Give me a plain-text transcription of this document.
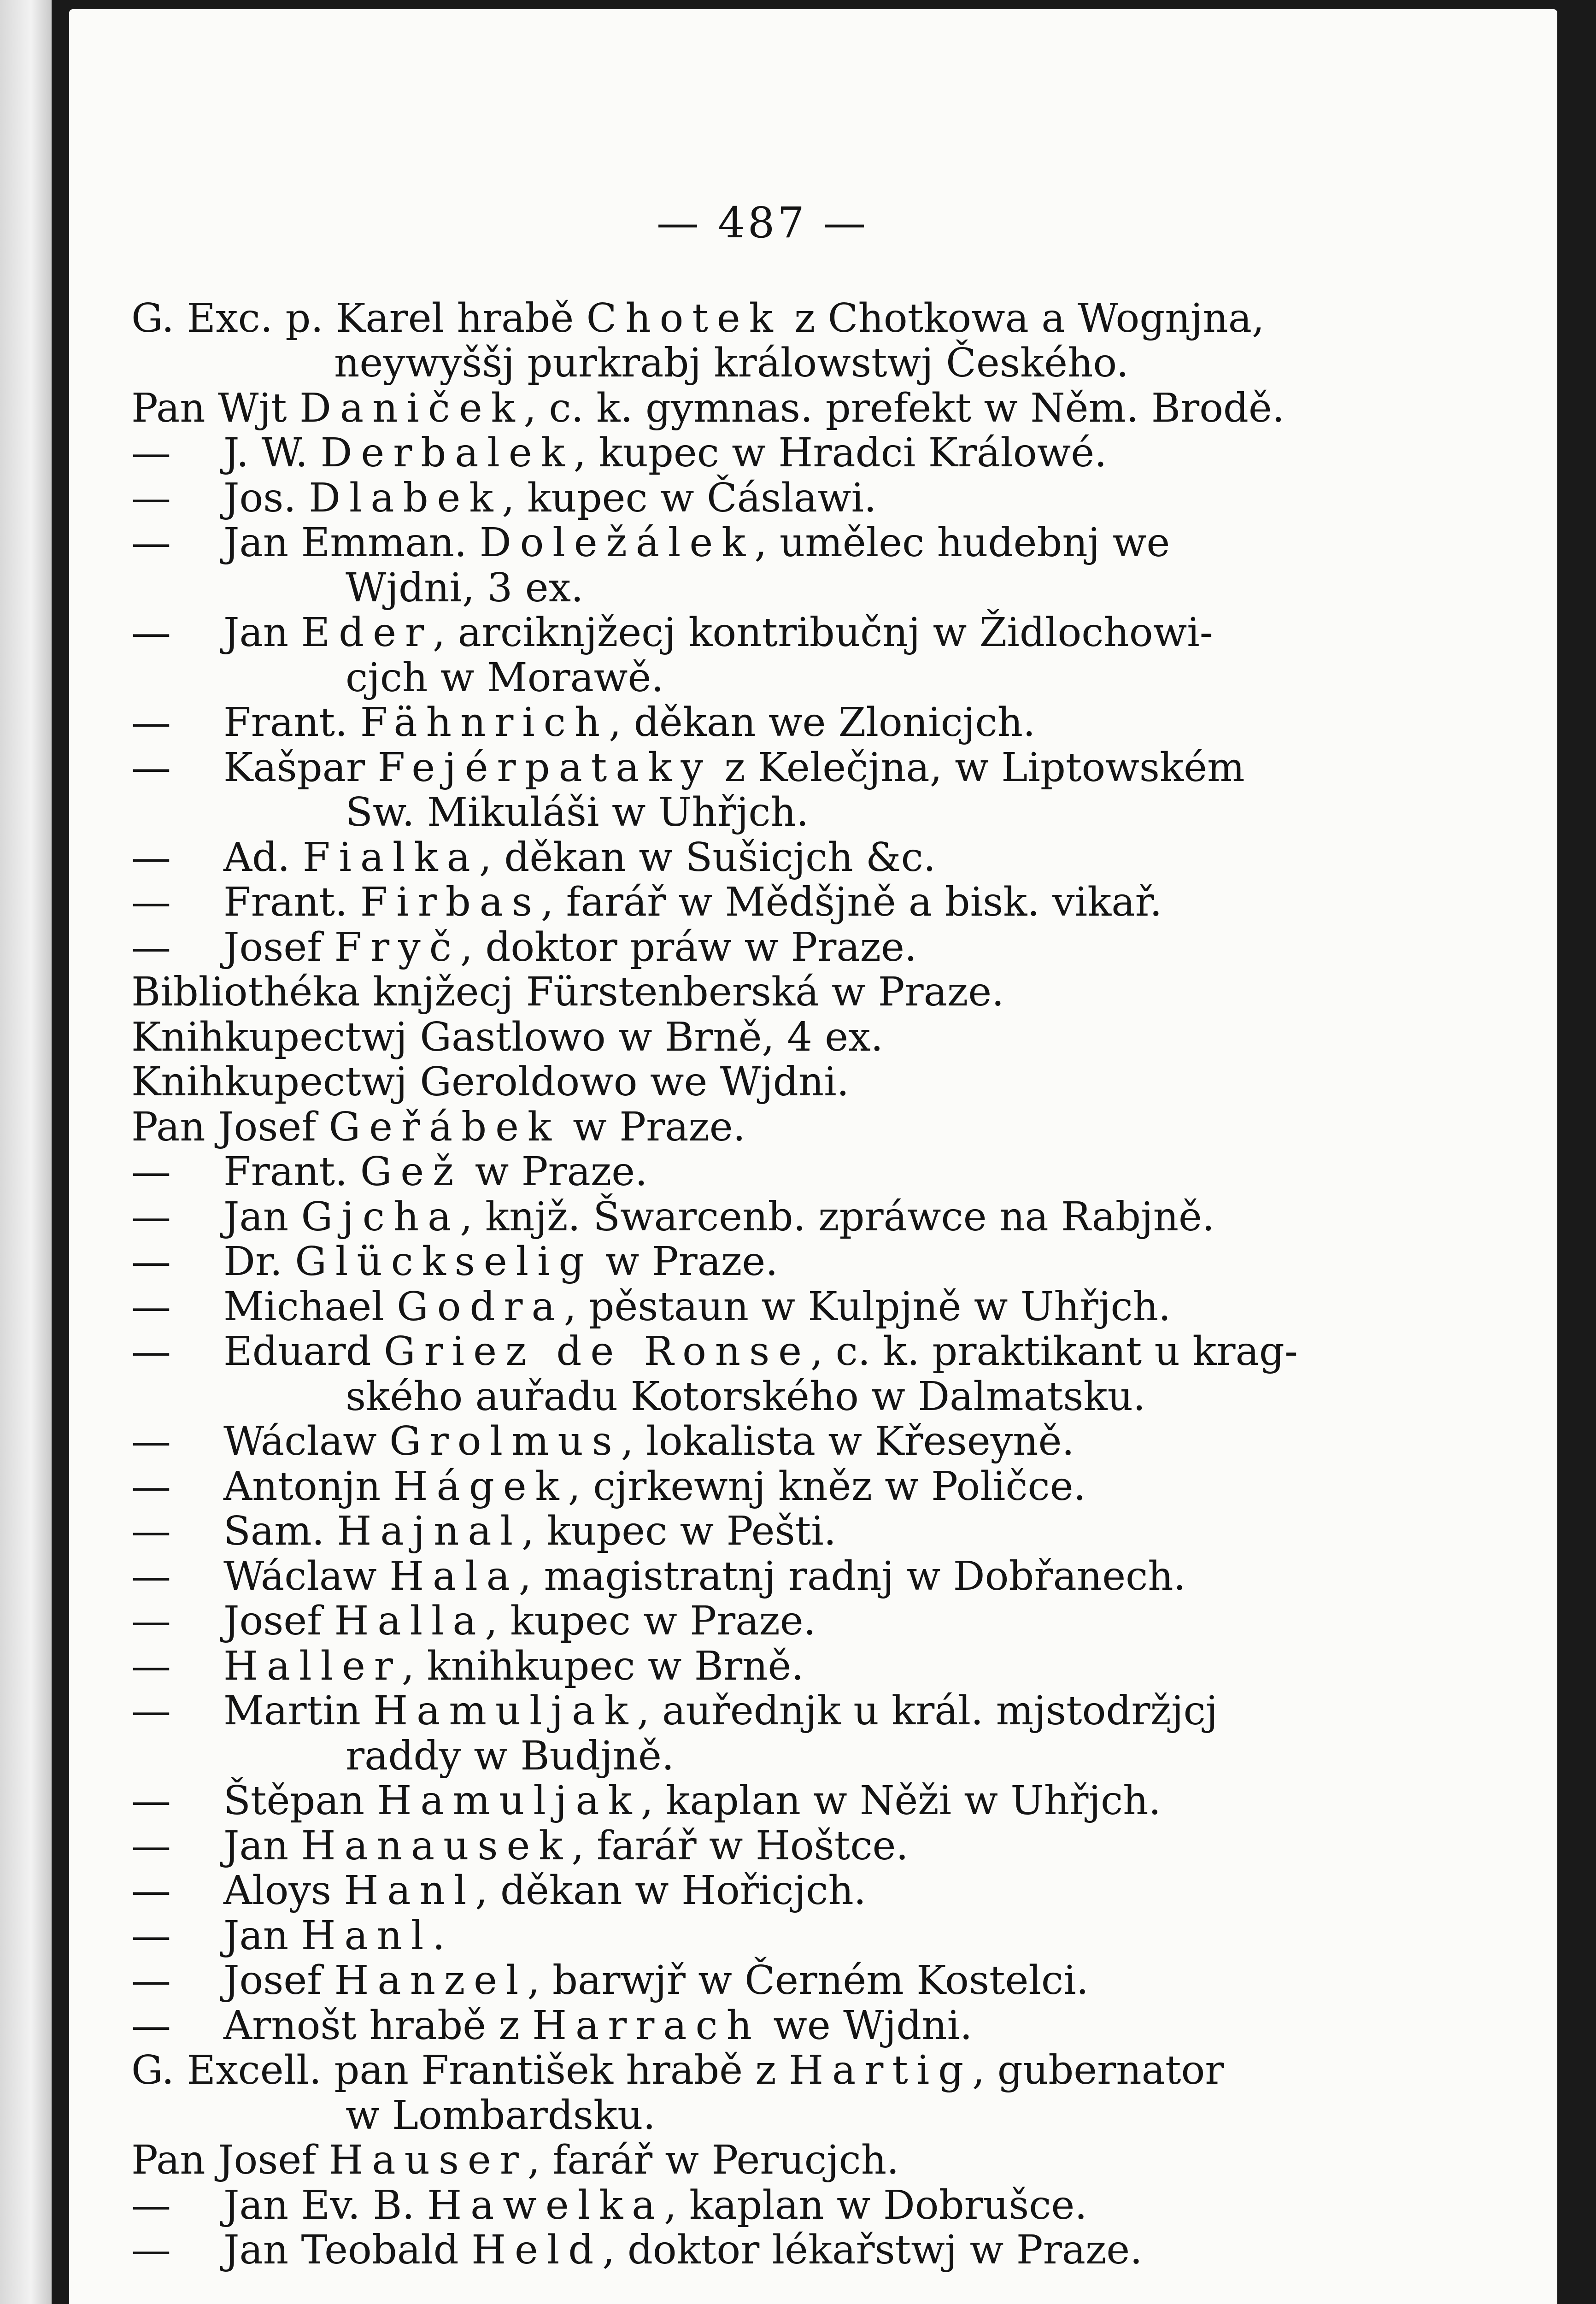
— 487 —
G. Exc. p. Karel hrabě Chotek z Chotkowa a Wognjna,
neywyššj purkrabj králowstwj Českého.
Pan Wjt Daniček, c. k. gymnas. prefekt w Něm. Brodě.
— J. W. Derbalek, kupec w Hradci Králowé.
— Jos. Dlabek, kupec w Čáslawi.
— Jan Emman. Doležálek, umělec hudebnj we
Wjdni, 3 ex.
— Jan Eder, arciknjžecj kontribučnj w Židlochowi-
cjch w Morawě.
— Frant. Fähnrich, děkan we Zlonicjch.
— Kašpar Fejérpataky z Kelečjna, w Liptowském
Sw. Mikuláši w Uhřjch.
— Ad. Fialka, děkan w Sušicjch &c.
— Frant. Firbas, farář w Mědšjně a bisk. vikař.
— Josef Fryč, doktor práw w Praze.
Bibliothéka knjžecj Fürstenberská w Praze.
Knihkupectwj Gastlowo w Brně, 4 ex.
Knihkupectwj Geroldowo we Wjdni.
Pan Josef Geřábek w Praze.
— Frant. Gež w Praze.
— Jan Gjcha, knjž. Šwarcenb. zpráwce na Rabjně.
— Dr. Glückselig w Praze.
— Michael Godra, pěstaun w Kulpjně w Uhřjch.
— Eduard Griez de Ronse, c. k. praktikant u krag-
ského auřadu Kotorského w Dalmatsku.
— Wáclaw Grolmus, lokalista w Křeseyně.
— Antonjn Hágek, cjrkewnj kněz w Poličce.
— Sam. Hajnal, kupec w Pešti.
— Wáclaw Hala, magistratnj radnj w Dobřanech.
— Josef Halla, kupec w Praze.
— Haller, knihkupec w Brně.
— Martin Hamuljak, auřednjk u král. mjstodržjcj
raddy w Budjně.
— Štěpan Hamuljak, kaplan w Něži w Uhřjch.
— Jan Hanausek, farář w Hoštce.
— Aloys Hanl, děkan w Hořicjch.
— Jan Hanl.
— Josef Hanzel, barwjř w Černém Kostelci.
— Arnošt hrabě z Harrach we Wjdni.
G. Excell. pan František hrabě z Hartig, gubernator
w Lombardsku.
Pan Josef Hauser, farář w Perucjch.
— Jan Ev. B. Hawelka, kaplan w Dobrušce.
— Jan Teobald Held, doktor lékařstwj w Praze.
